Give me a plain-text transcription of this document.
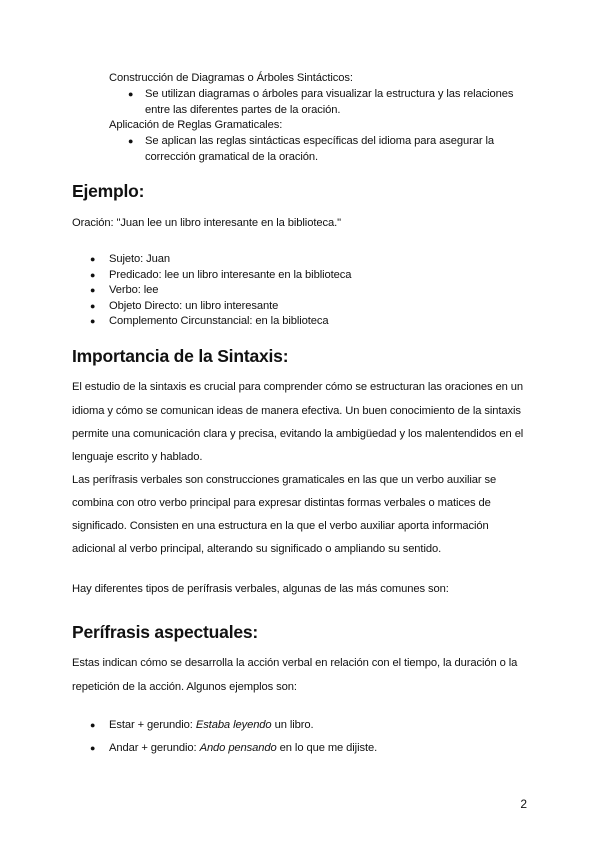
Construcción de Diagramas o Árboles Sintácticos:
● Se utilizan diagramas o árboles para visualizar la estructura y las relaciones
entre las diferentes partes de la oración.
Aplicación de Reglas Gramaticales:
● Se aplican las reglas sintácticas específicas del idioma para asegurar la
corrección gramatical de la oración.
Ejemplo:
Oración: "Juan lee un libro interesante en la biblioteca."
● Sujeto: Juan
● Predicado: lee un libro interesante en la biblioteca
● Verbo: lee
● Objeto Directo: un libro interesante
● Complemento Circunstancial: en la biblioteca
Importancia de la Sintaxis:
El estudio de la sintaxis es crucial para comprender cómo se estructuran las oraciones en un
idioma y cómo se comunican ideas de manera efectiva. Un buen conocimiento de la sintaxis
permite una comunicación clara y precisa, evitando la ambigüedad y los malentendidos en el
lenguaje escrito y hablado.
Las perífrasis verbales son construcciones gramaticales en las que un verbo auxiliar se
combina con otro verbo principal para expresar distintas formas verbales o matices de
significado. Consisten en una estructura en la que el verbo auxiliar aporta información
adicional al verbo principal, alterando su significado o ampliando su sentido.
Hay diferentes tipos de perífrasis verbales, algunas de las más comunes son:
Perífrasis aspectuales:
Estas indican cómo se desarrolla la acción verbal en relación con el tiempo, la duración o la
repetición de la acción. Algunos ejemplos son:
● Estar + gerundio: Estaba leyendo un libro.
● Andar + gerundio: Ando pensando en lo que me dijiste.
2
